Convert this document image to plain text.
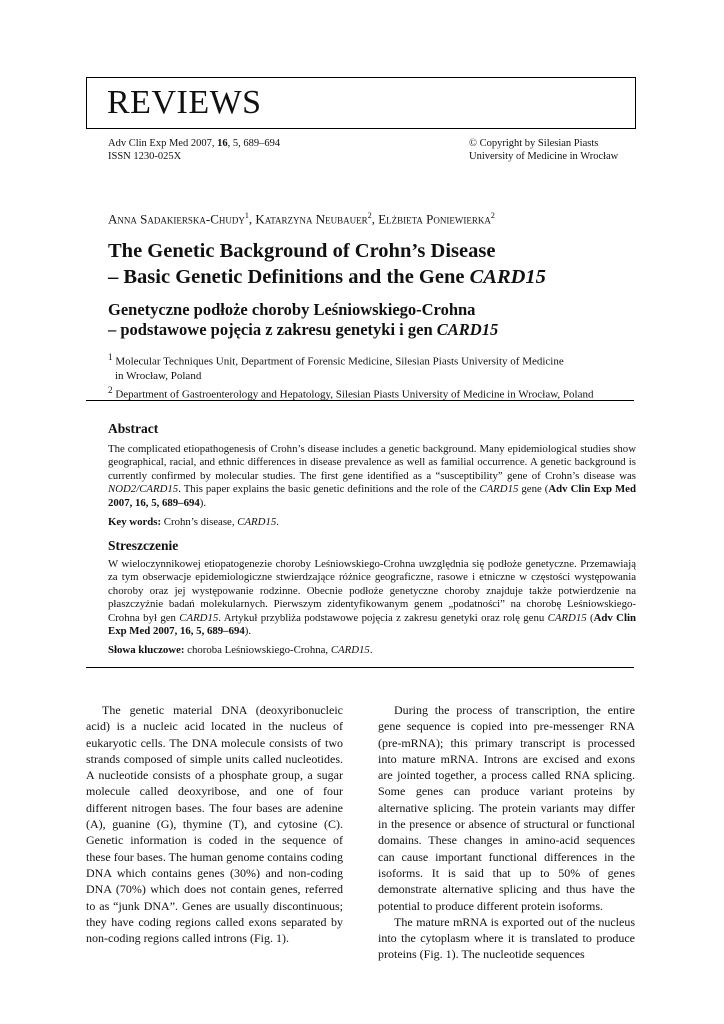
REVIEWS
Adv Clin Exp Med 2007, 16, 5, 689–694
ISSN 1230-025X
© Copyright by Silesian Piasts
University of Medicine in Wrocław
Anna Sadakierska-Chudy$^1$, Katarzyna Neubauer$^2$, Elżbieta Poniewierka$^2$
The Genetic Background of Crohn’s Disease
– Basic Genetic Definitions and the Gene CARD15
Genetyczne podłoże choroby Leśniowskiego-Crohna
– podstawowe pojęcia z zakresu genetyki i gen CARD15
$^1$ Molecular Techniques Unit, Department of Forensic Medicine, Silesian Piasts University of Medicine
in Wrocław, Poland
$^2$ Department of Gastroenterology and Hepatology, Silesian Piasts University of Medicine in Wrocław, Poland
Abstract
The complicated etiopathogenesis of Crohn’s disease includes a genetic background. Many epidemiological studies show geographical, racial, and ethnic differences in disease prevalence as well as familial occurrence. A genetic background is currently confirmed by molecular studies. The first gene identified as a “susceptibility” gene of Crohn’s disease was NOD2/CARD15. This paper explains the basic genetic definitions and the role of the CARD15 gene (Adv Clin Exp Med 2007, 16, 5, 689–694).
Key words: Crohn’s disease, CARD15.
Streszczenie
W wieloczynnikowej etiopatogenezie choroby Leśniowskiego-Crohna uwzględnia się podłoże genetyczne. Przemawiają za tym obserwacje epidemiologiczne stwierdzające różnice geograficzne, rasowe i etniczne w częstości występowania choroby oraz jej występowanie rodzinne. Obecnie podłoże genetyczne choroby znajduje także potwierdzenie na płaszczyźnie badań molekularnych. Pierwszym zidentyfikowanym genem „podatności” na chorobę Leśniowskiego-Crohna był gen CARD15. Artykuł przybliża podstawowe pojęcia z zakresu genetyki oraz rolę genu CARD15 (Adv Clin Exp Med 2007, 16, 5, 689–694).
Słowa kluczowe: choroba Leśniowskiego-Crohna, CARD15.

The genetic material DNA (deoxyribonucleic acid) is a nucleic acid located in the nucleus of eukaryotic cells. The DNA molecule consists of two strands composed of simple units called nucleotides. A nucleotide consists of a phosphate group, a sugar molecule called deoxyribose, and one of four different nitrogen bases. The four bases are adenine (A), guanine (G), thymine (T), and cytosine (C). Genetic information is coded in the sequence of these four bases. The human genome contains coding DNA which contains genes (30%) and non-coding DNA (70%) which does not contain genes, referred to as “junk DNA”. Genes are usually discontinuous; they have coding regions called exons separated by non-coding regions called introns (Fig. 1).

During the process of transcription, the entire gene sequence is copied into pre-messenger RNA (pre-mRNA); this primary transcript is processed into mature mRNA. Introns are excised and exons are jointed together, a process called RNA splicing. Some genes can produce variant proteins by alternative splicing. The protein variants may differ in the presence or absence of structural or functional domains. These changes in amino-acid sequences can cause important functional differences in the isoforms. It is said that up to 50% of genes demonstrate alternative splicing and thus have the potential to produce different protein isoforms.

The mature mRNA is exported out of the nucleus into the cytoplasm where it is translated to produce proteins (Fig. 1). The nucleotide sequences
